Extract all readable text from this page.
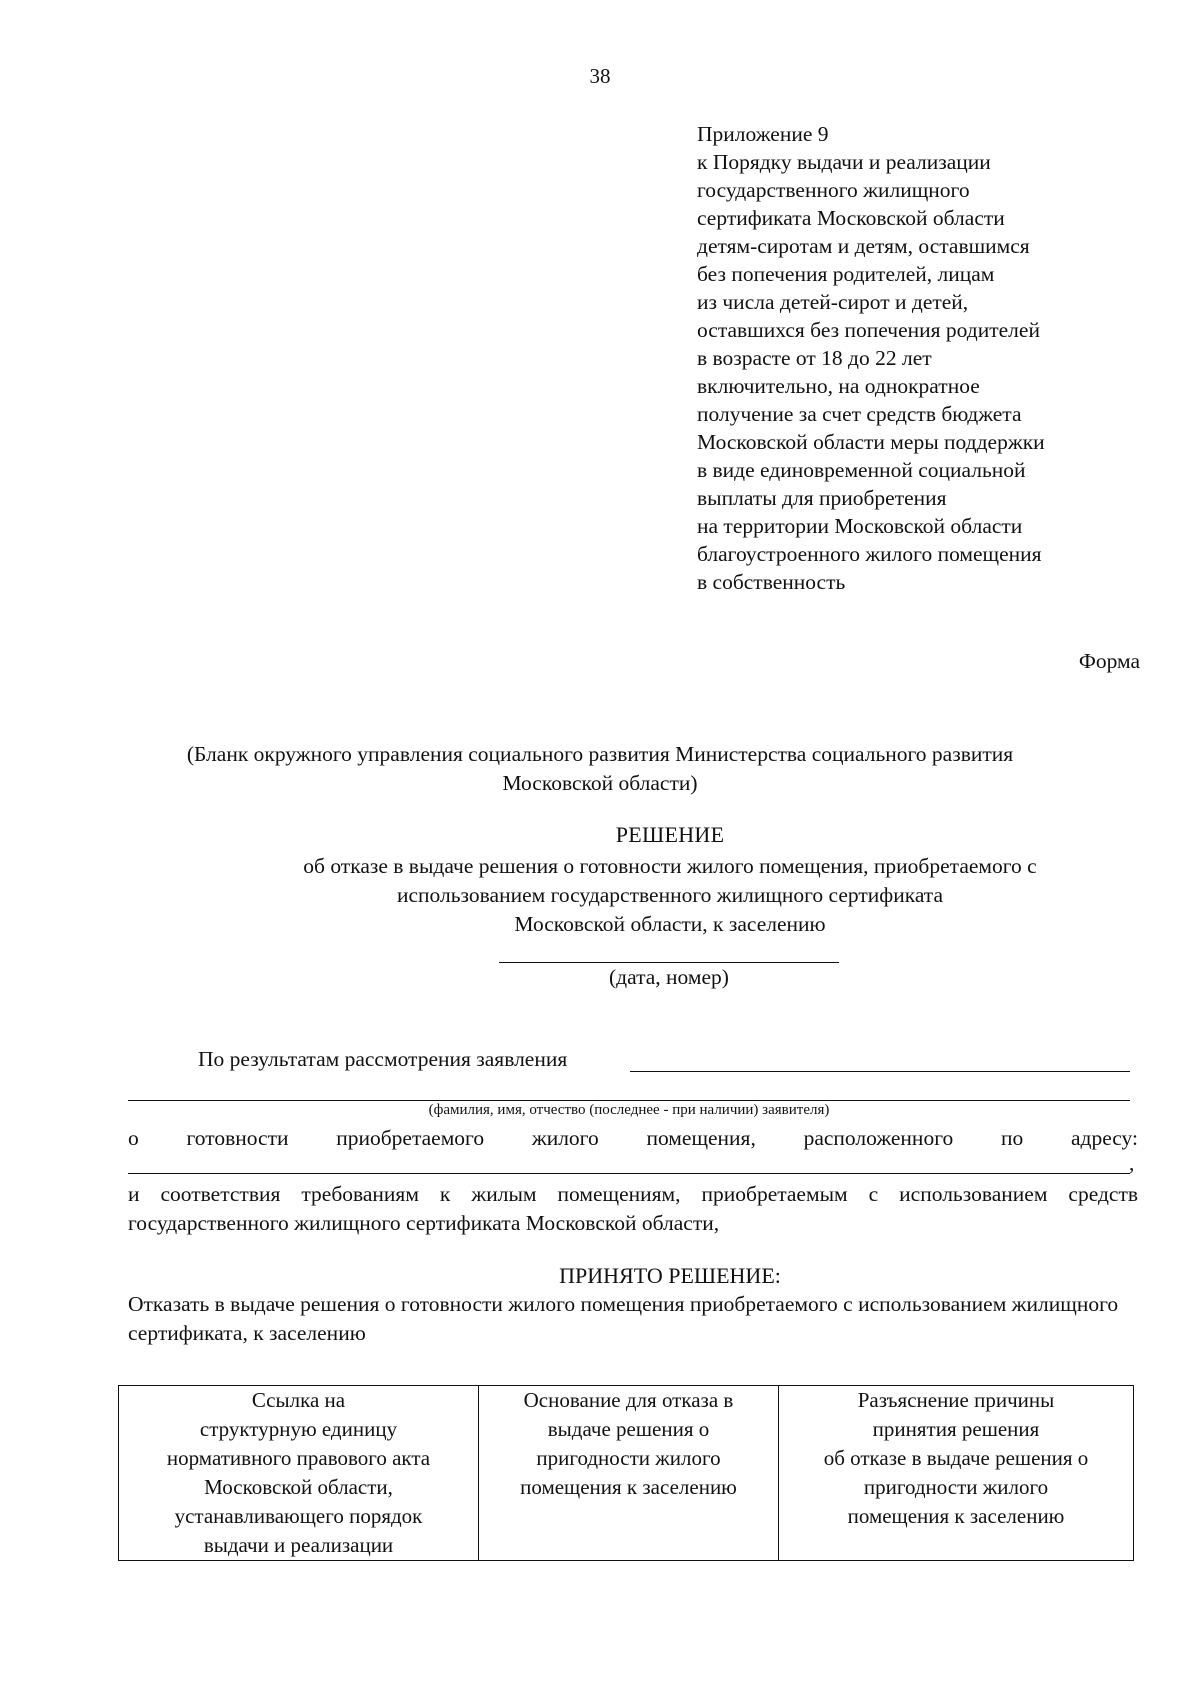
38
Приложение 9
к Порядку выдачи и реализации
государственного жилищного
сертификата Московской области
детям-сиротам и детям, оставшимся
без попечения родителей, лицам
из числа детей-сирот и детей,
оставшихся без попечения родителей
в возрасте от 18 до 22 лет
включительно, на однократное
получение за счет средств бюджета
Московской области меры поддержки
в виде единовременной социальной
выплаты для приобретения
на территории Московской области
благоустроенного жилого помещения
в собственность
Форма
(Бланк окружного управления социального развития Министерства социального развития
Московской области)
РЕШЕНИЕ
об отказе в выдаче решения о готовности жилого помещения, приобретаемого с
использованием государственного жилищного сертификата
Московской области, к заселению
(дата, номер)
По результатам рассмотрения заявления
(фамилия, имя, отчество (последнее - при наличии) заявителя)
о готовности приобретаемого жилого помещения, расположенного по адресу:
,
и соответствия требованиям к жилым помещениям, приобретаемым с использованием средств государственного жилищного сертификата Московской области,
ПРИНЯТО РЕШЕНИЕ:
Отказать в выдаче решения о готовности жилого помещения приобретаемого с использованием жилищного сертификата, к заселению
Ссылка на
структурную единицу
нормативного правового акта
Московской области,
устанавливающего порядок
выдачи и реализации

Основание для отказа в
выдаче решения о
пригодности жилого
помещения к заселению

Разъяснение причины
принятия решения
об отказе в выдаче решения о
пригодности жилого
помещения к заселению
